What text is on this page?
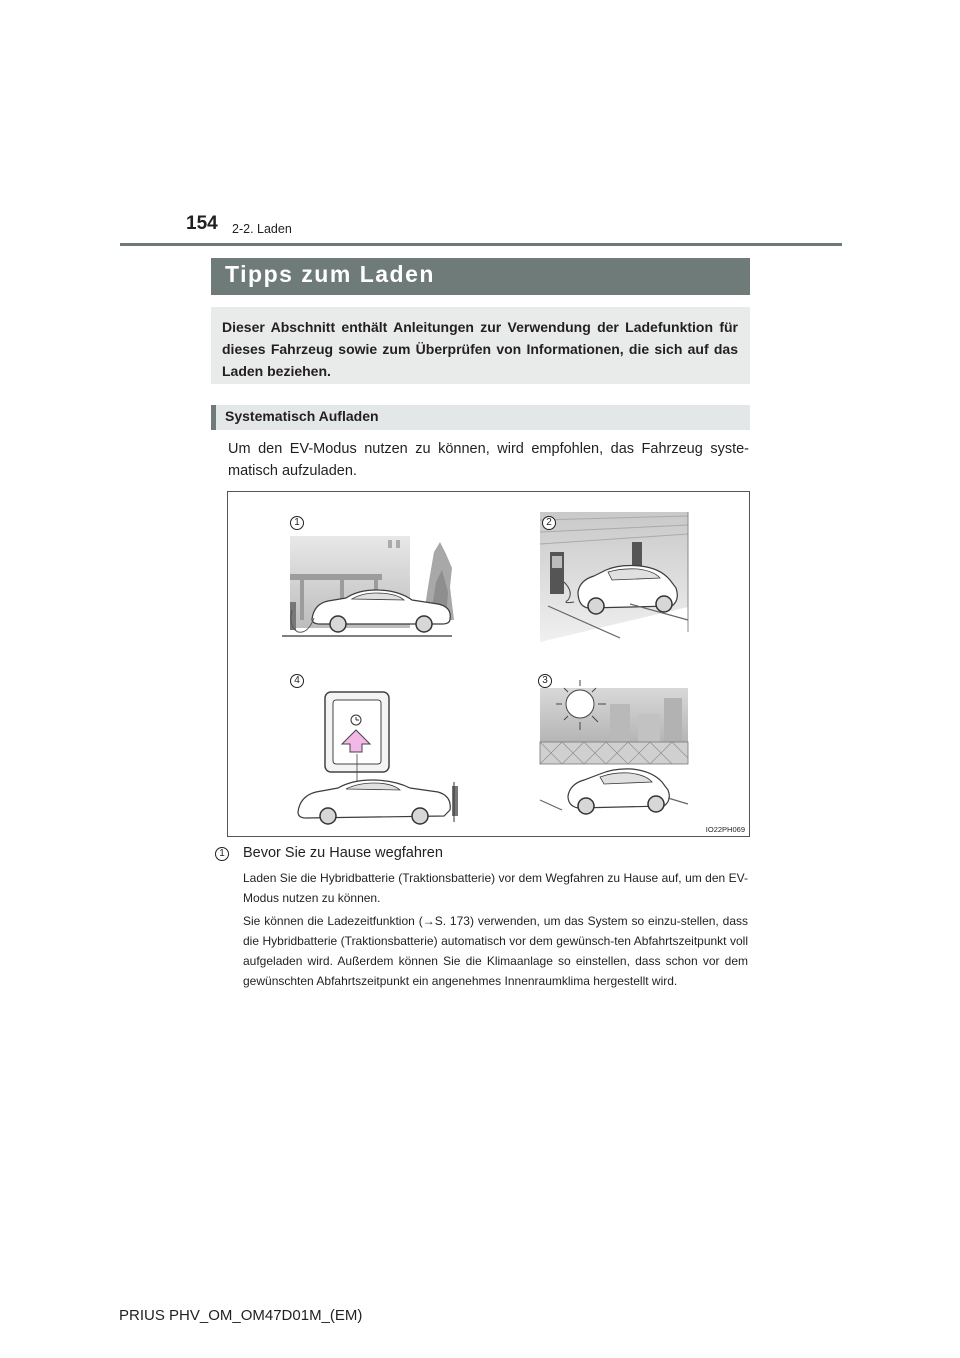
154 2-2. Laden
Tipps zum Laden
Dieser Abschnitt enthält Anleitungen zur Verwendung der Ladefunktion für dieses Fahrzeug sowie zum Überprüfen von Informationen, die sich auf das Laden beziehen.
Systematisch Aufladen
Um den EV-Modus nutzen zu können, wird empfohlen, das Fahrzeug syste-matisch aufzuladen.
1	2
3
4
IO22PH069
1 Bevor Sie zu Hause wegfahren
Laden Sie die Hybridbatterie (Traktionsbatterie) vor dem Wegfahren zu Hause auf, um den EV-Modus nutzen zu können.
Sie können die Ladezeitfunktion (→S. 173) verwenden, um das System so einzu-stellen, dass die Hybridbatterie (Traktionsbatterie) automatisch vor dem gewünsch-ten Abfahrtszeitpunkt voll aufgeladen wird. Außerdem können Sie die Klimaanlage so einstellen, dass schon vor dem gewünschten Abfahrtszeitpunkt ein angenehmes Innenraumklima hergestellt wird.
PRIUS PHV_OM_OM47D01M_(EM)
